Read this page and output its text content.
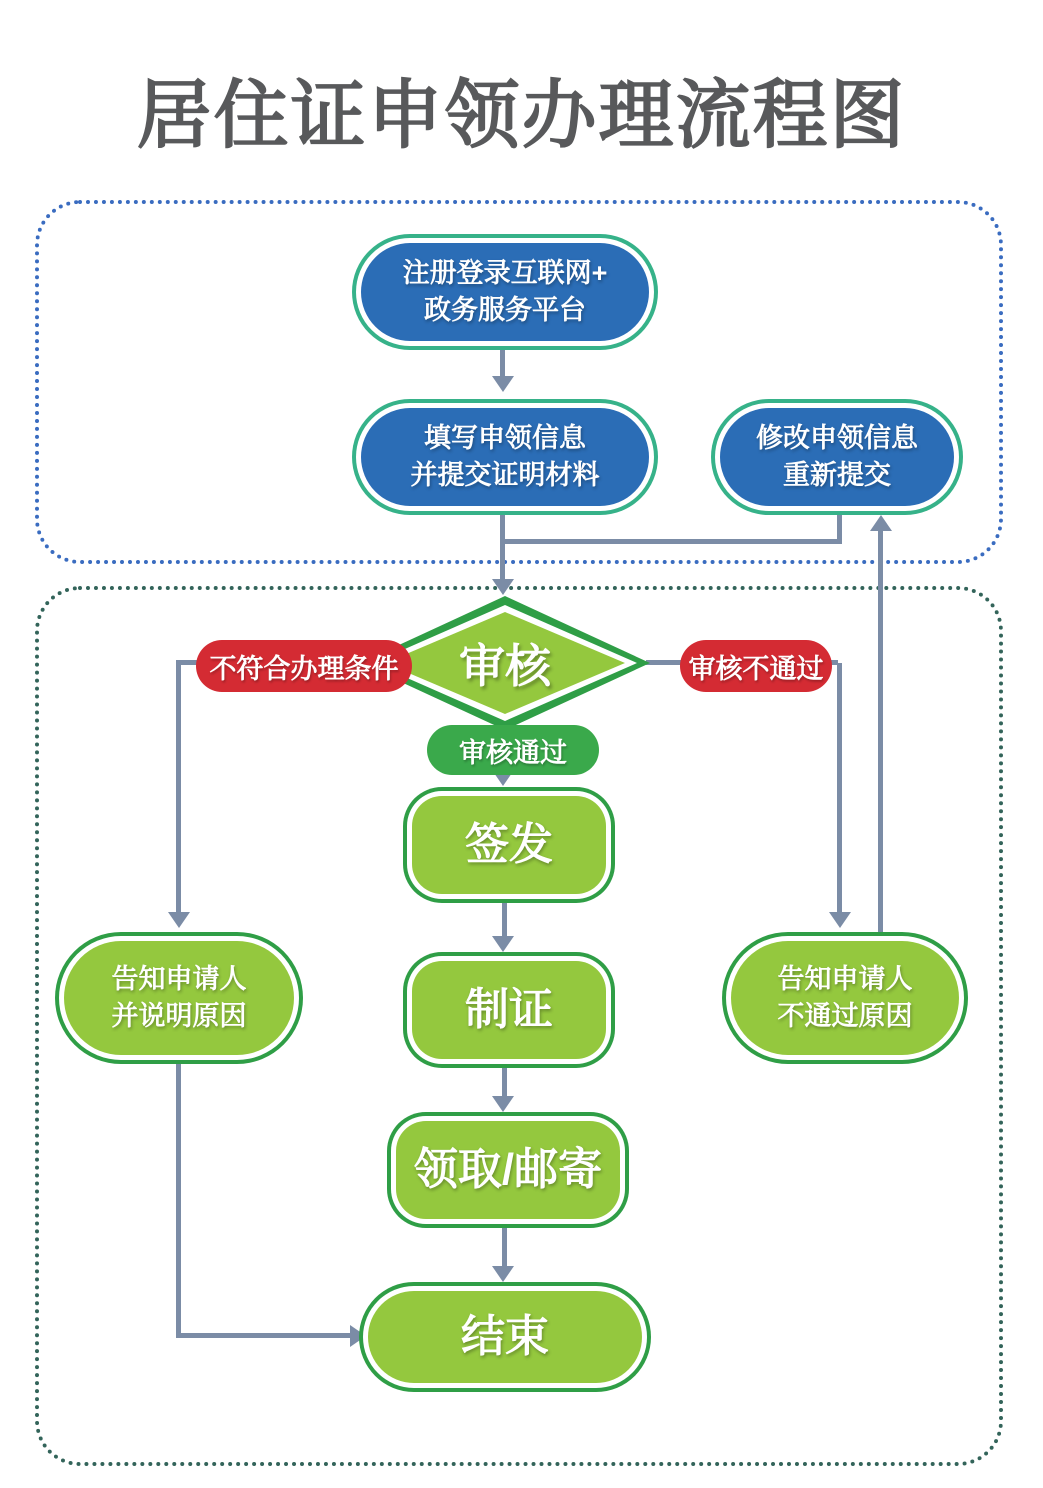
居住证申领办理流程图
注册登录互联网+
政务服务平台
填写申领信息
并提交证明材料
修改申领信息
重新提交
审核
不符合办理条件	审核不通过
审核通过
签发
制证
领取/邮寄
结束
告知申请人
并说明原因
告知申请人
不通过原因
